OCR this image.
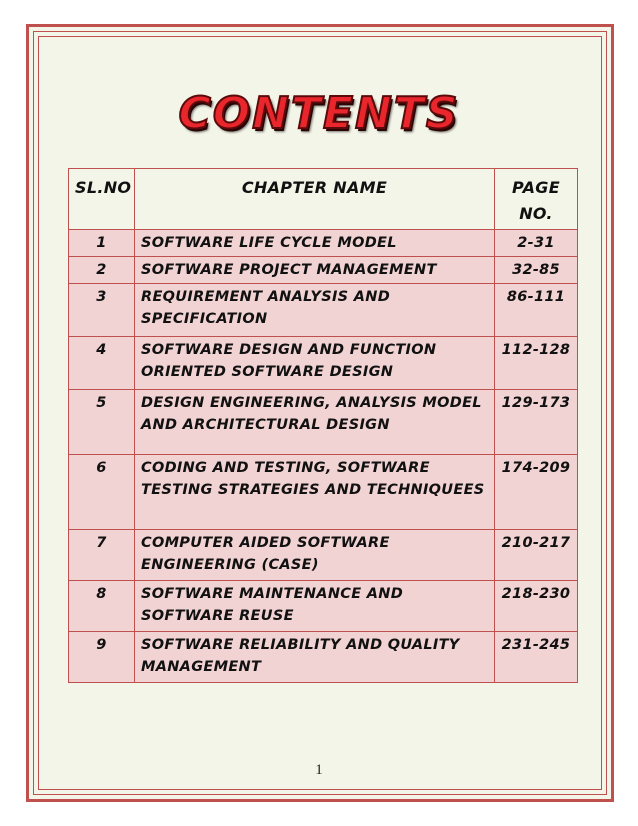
CONTENTS
SL.NO	CHAPTER NAME	PAGE NO.
1	SOFTWARE LIFE CYCLE MODEL	2-31
2	SOFTWARE PROJECT MANAGEMENT	32-85
3	REQUIREMENT ANALYSIS AND SPECIFICATION	86-111
4	SOFTWARE DESIGN AND FUNCTION ORIENTED SOFTWARE DESIGN	112-128
5	DESIGN ENGINEERING, ANALYSIS MODEL AND ARCHITECTURAL DESIGN	129-173
6	CODING AND TESTING, SOFTWARE TESTING STRATEGIES AND TECHNIQUEES	174-209
7	COMPUTER AIDED SOFTWARE ENGINEERING (CASE)	210-217
8	SOFTWARE MAINTENANCE AND SOFTWARE REUSE	218-230
9	SOFTWARE RELIABILITY AND QUALITY MANAGEMENT	231-245
1
